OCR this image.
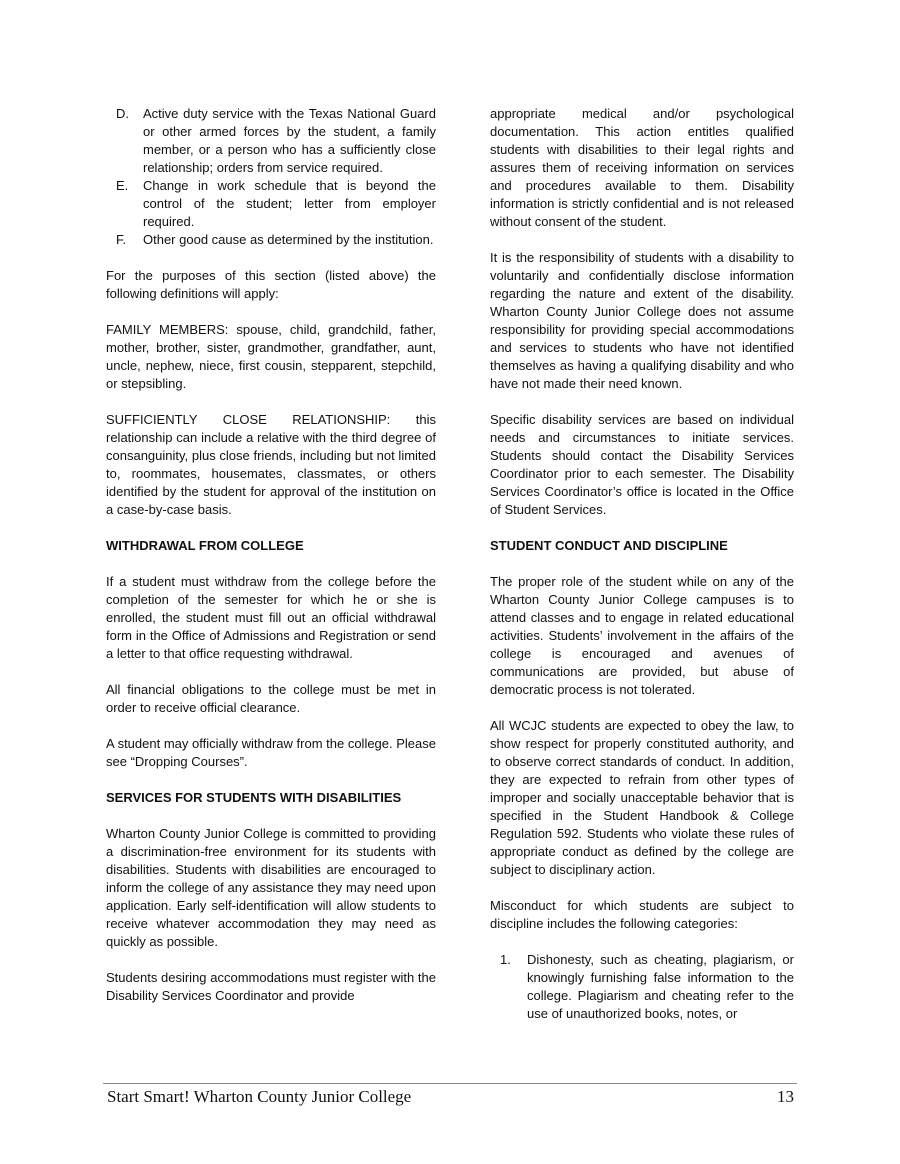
D. Active duty service with the Texas National Guard or other armed forces by the student, a family member, or a person who has a sufficiently close relationship; orders from service required.
E. Change in work schedule that is beyond the control of the student; letter from employer required.
F. Other good cause as determined by the institution.

For the purposes of this section (listed above) the following definitions will apply:

FAMILY MEMBERS: spouse, child, grandchild, father, mother, brother, sister, grandmother, grandfather, aunt, uncle, nephew, niece, first cousin, stepparent, stepchild, or stepsibling.

SUFFICIENTLY CLOSE RELATIONSHIP: this relationship can include a relative with the third degree of consanguinity, plus close friends, including but not limited to, roommates, housemates, classmates, or others identified by the student for approval of the institution on a case-by-case basis.

WITHDRAWAL FROM COLLEGE

If a student must withdraw from the college before the completion of the semester for which he or she is enrolled, the student must fill out an official withdrawal form in the Office of Admissions and Registration or send a letter to that office requesting withdrawal.

All financial obligations to the college must be met in order to receive official clearance.

A student may officially withdraw from the college. Please see “Dropping Courses”.

SERVICES FOR STUDENTS WITH DISABILITIES

Wharton County Junior College is committed to providing a discrimination-free environment for its students with disabilities. Students with disabilities are encouraged to inform the college of any assistance they may need upon application. Early self-identification will allow students to receive whatever accommodation they may need as quickly as possible.

Students desiring accommodations must register with the Disability Services Coordinator and provide

appropriate medical and/or psychological documentation. This action entitles qualified students with disabilities to their legal rights and assures them of receiving information on services and procedures available to them. Disability information is strictly confidential and is not released without consent of the student.

It is the responsibility of students with a disability to voluntarily and confidentially disclose information regarding the nature and extent of the disability. Wharton County Junior College does not assume responsibility for providing special accommodations and services to students who have not identified themselves as having a qualifying disability and who have not made their need known.

Specific disability services are based on individual needs and circumstances to initiate services. Students should contact the Disability Services Coordinator prior to each semester. The Disability Services Coordinator’s office is located in the Office of Student Services.

STUDENT CONDUCT AND DISCIPLINE

The proper role of the student while on any of the Wharton County Junior College campuses is to attend classes and to engage in related educational activities. Students’ involvement in the affairs of the college is encouraged and avenues of communications are provided, but abuse of democratic process is not tolerated.

All WCJC students are expected to obey the law, to show respect for properly constituted authority, and to observe correct standards of conduct. In addition, they are expected to refrain from other types of improper and socially unacceptable behavior that is specified in the Student Handbook & College Regulation 592. Students who violate these rules of appropriate conduct as defined by the college are subject to disciplinary action.

Misconduct for which students are subject to discipline includes the following categories:

1. Dishonesty, such as cheating, plagiarism, or knowingly furnishing false information to the college. Plagiarism and cheating refer to the use of unauthorized books, notes, or
Start Smart! Wharton County Junior College	13
